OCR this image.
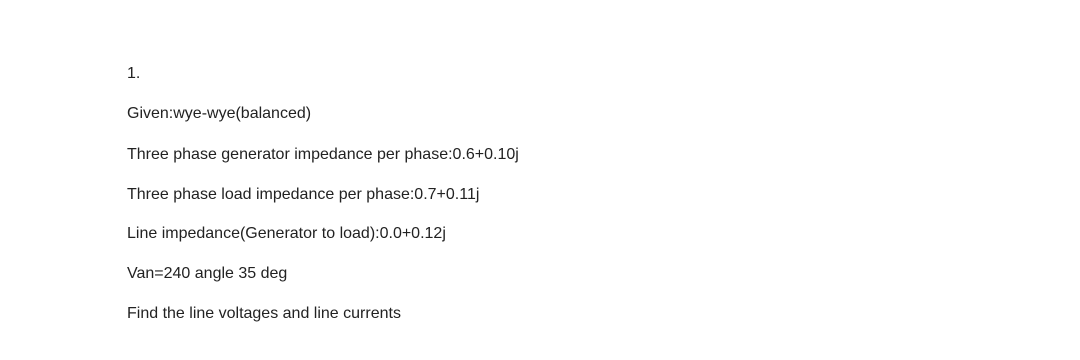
1.
Given:wye-wye(balanced)
Three phase generator impedance per phase:0.6+0.10j
Three phase load impedance per phase:0.7+0.11j
Line impedance(Generator to load):0.0+0.12j
Van=240 angle 35 deg
Find the line voltages and line currents
